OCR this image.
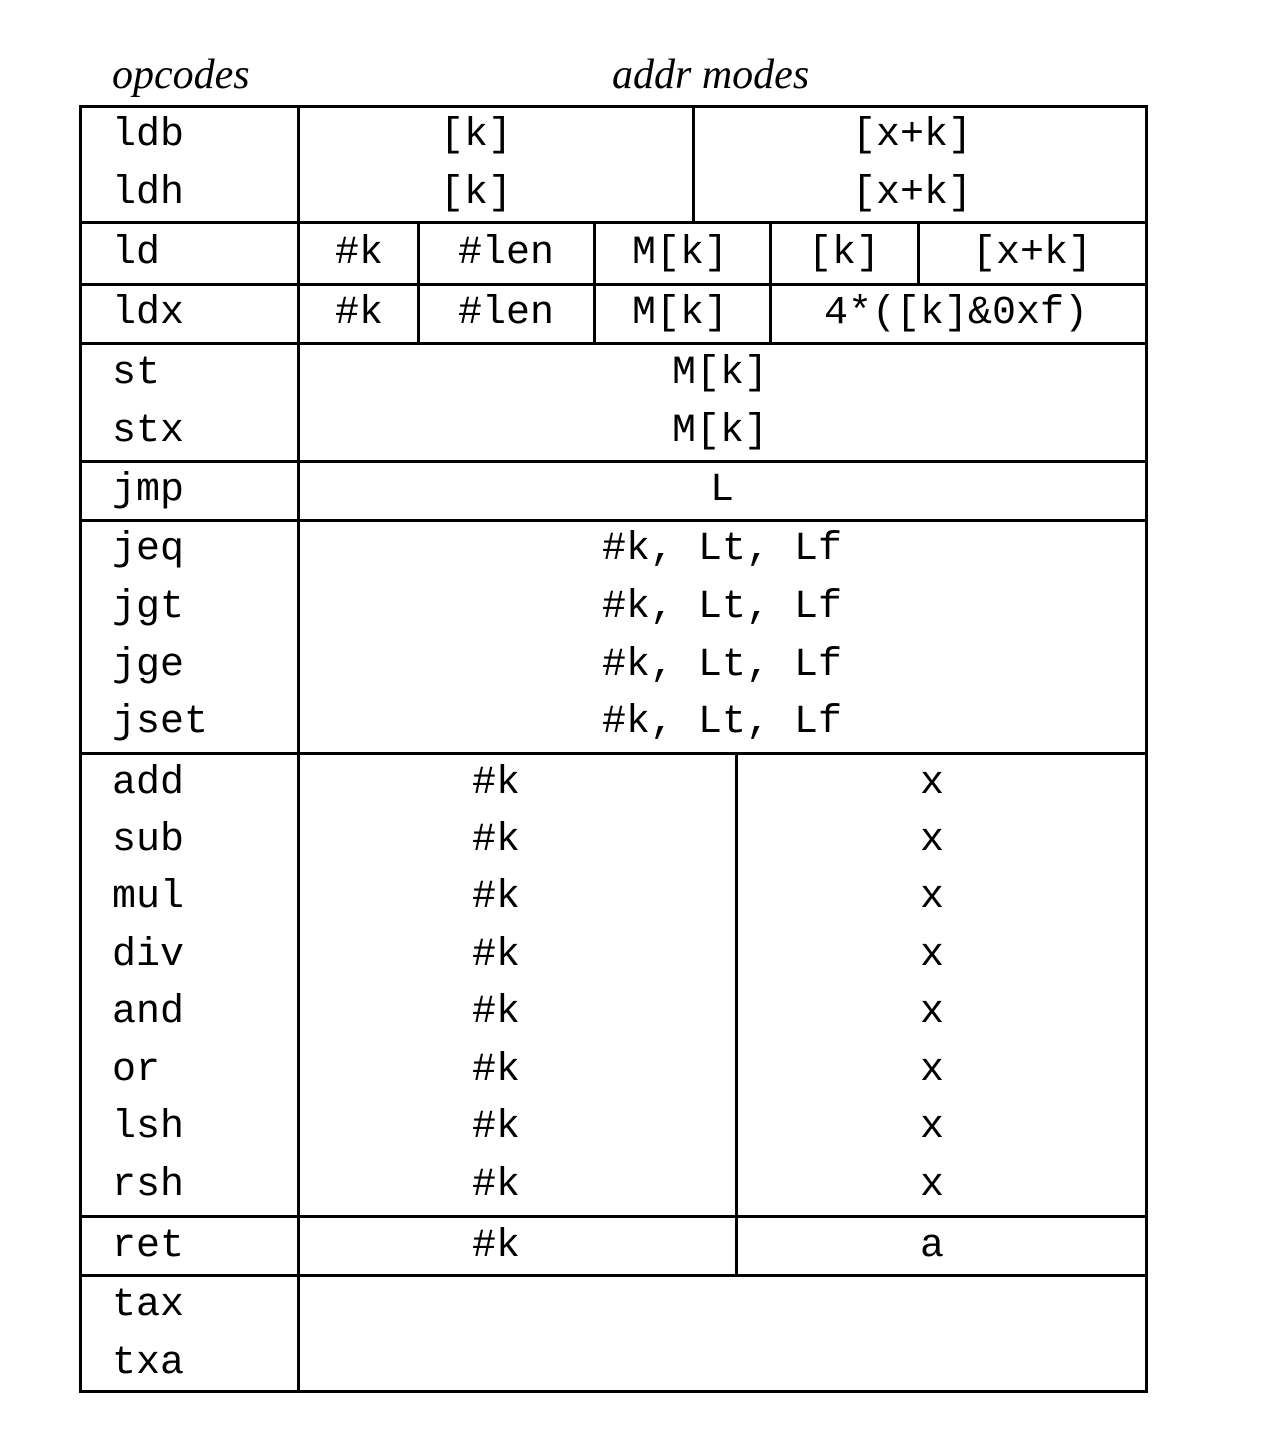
opcodes	addr modes
ldb	[k]	[x+k]
ldh	[k]	[x+k]
ld	#k #len M[k] [k] [x+k]
ldx	#k #len M[k] 4*([k]&0xf)
st	M[k]
stx	M[k]
jmp	L
jeq	#k, Lt, Lf
jgt	#k, Lt, Lf
jge	#k, Lt, Lf
jset	#k, Lt, Lf
add	#k	x
sub	#k	x
mul	#k	x
div	#k	x
and	#k	x
or	#k	x
lsh	#k	x
rsh	#k	x
ret	#k	a
tax
txa
